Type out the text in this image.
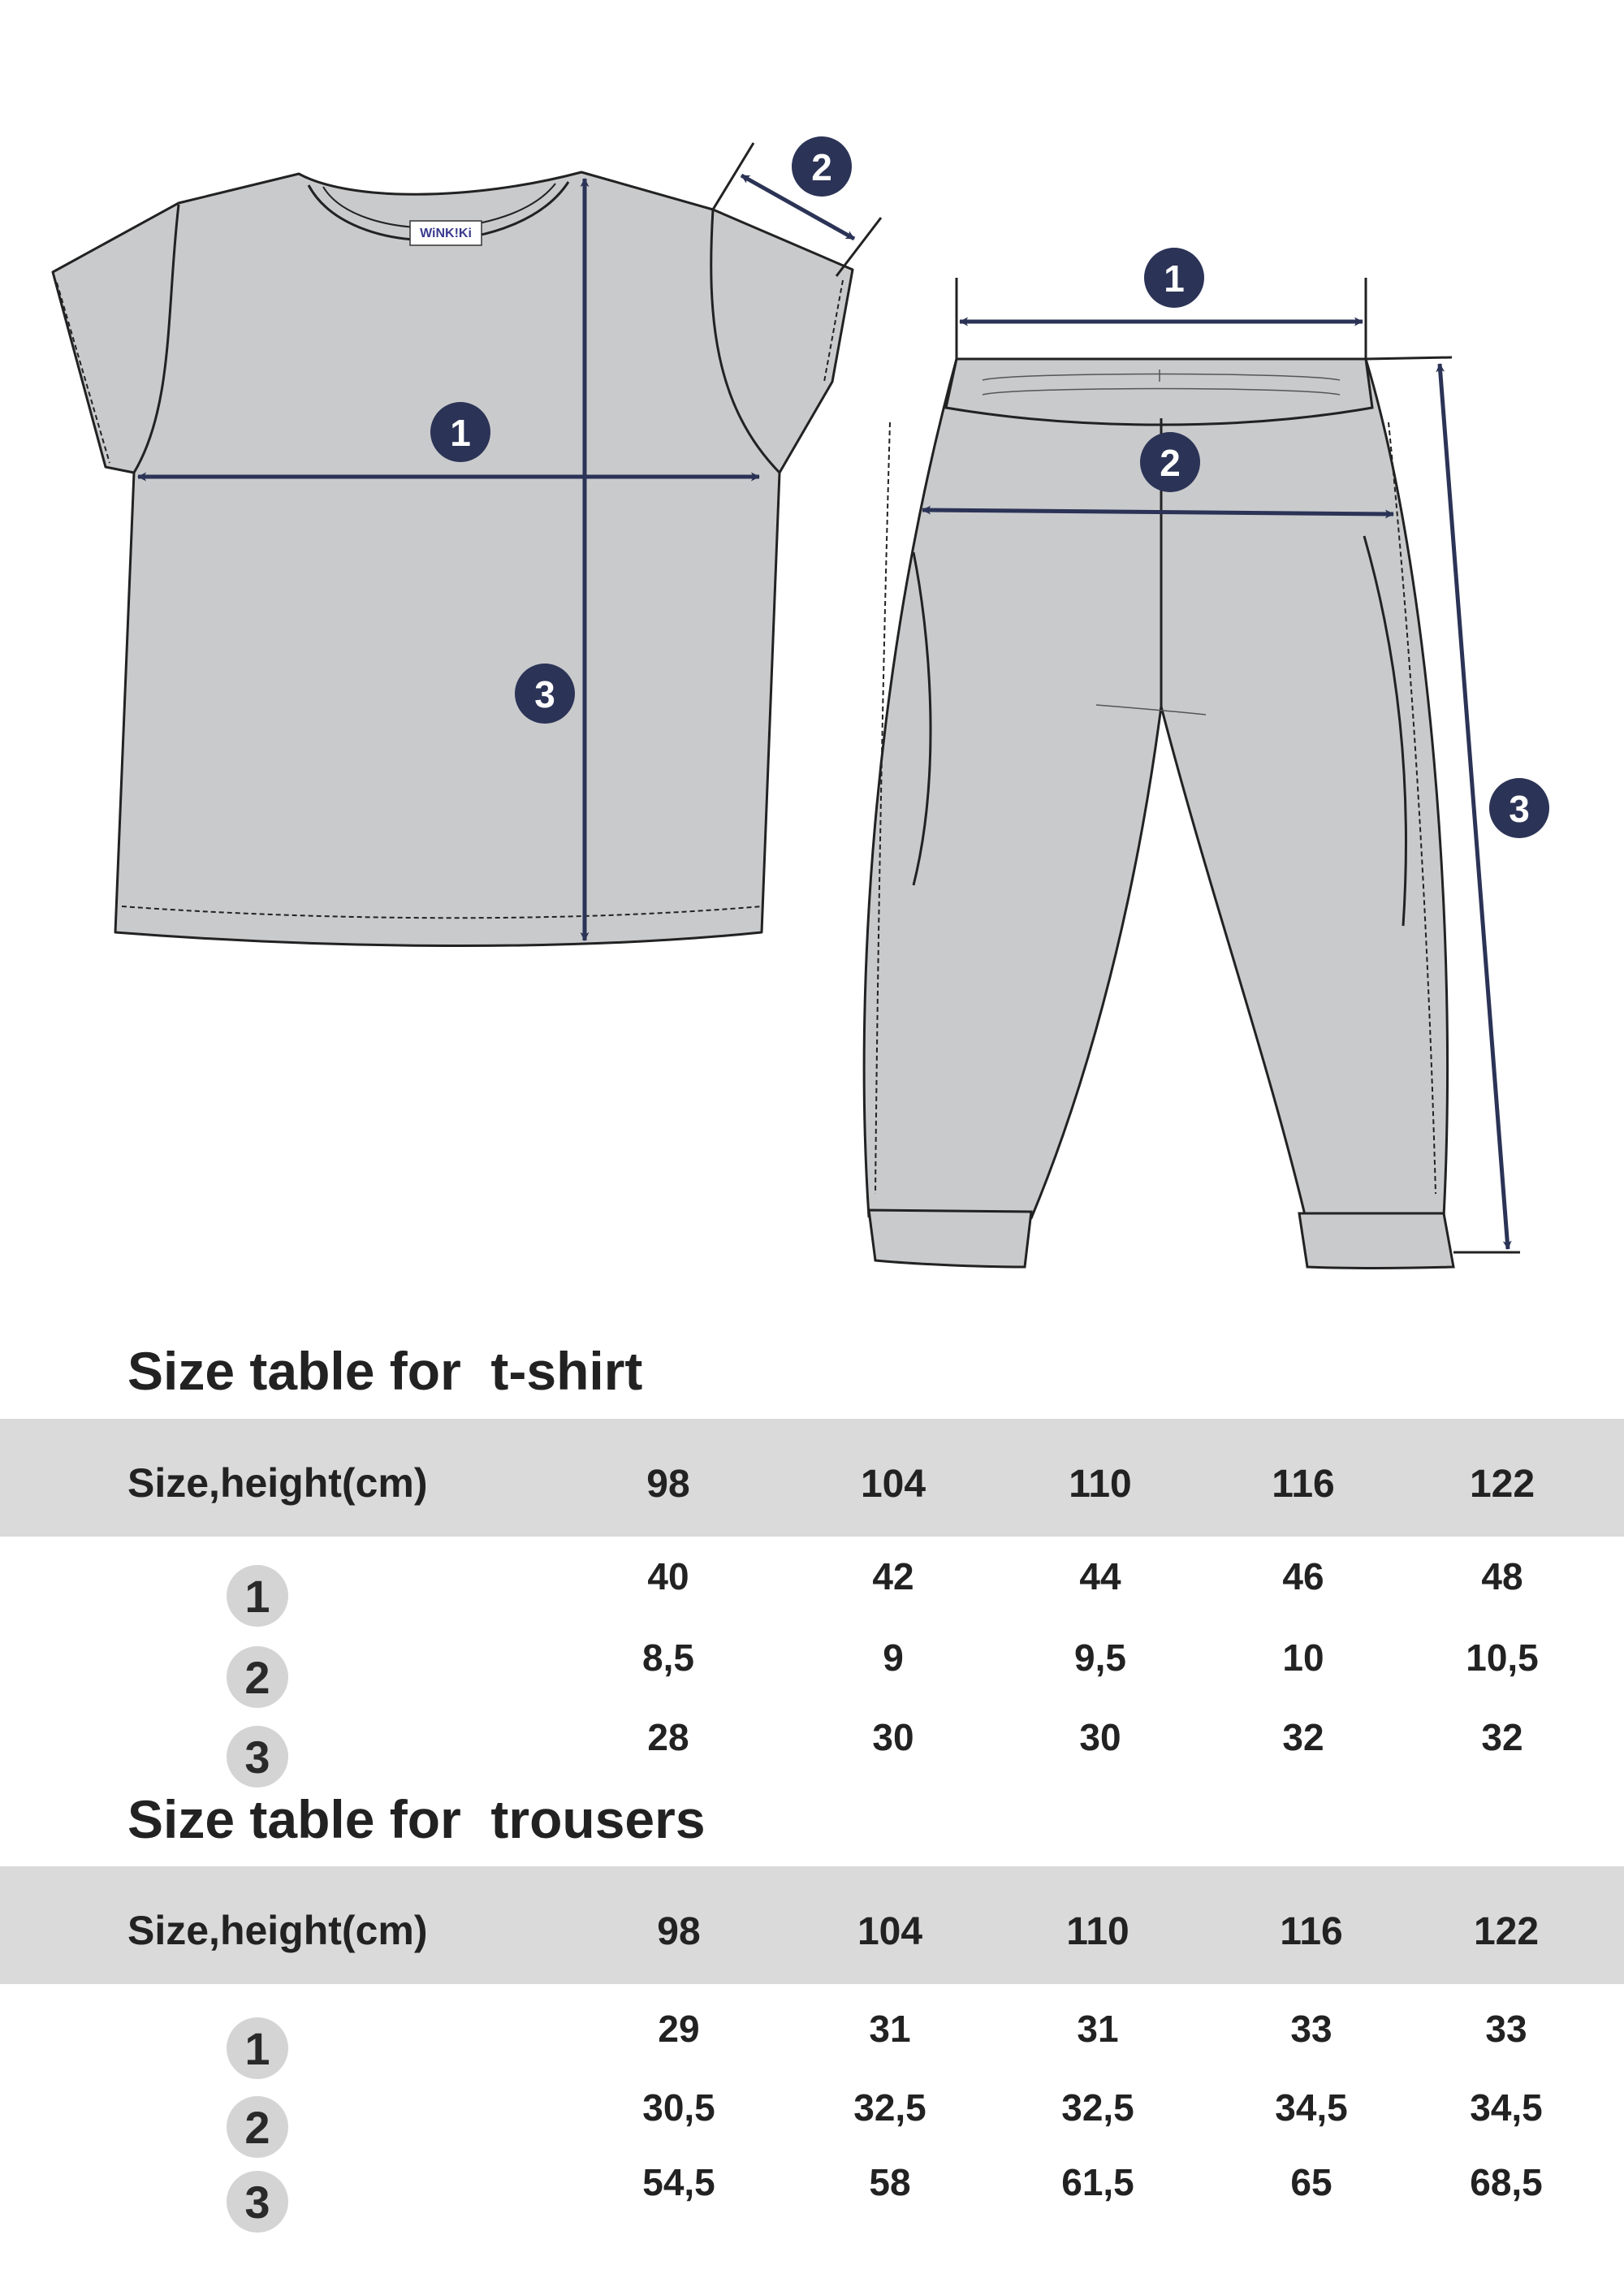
WiNK!Ki
1
2
3
1
2
3
Size table for  t-shirt
Size,height(cm)	98	104	110	116	122
1	40	42	44	46	48
2	8,5	9	9,5	10	10,5
3	28	30	30	32	32
Size table for  trousers
Size,height(cm)	98	104	110	116	122
1	29	31	31	33	33
2	30,5	32,5	32,5	34,5	34,5
3	54,5	58	61,5	65	68,5
